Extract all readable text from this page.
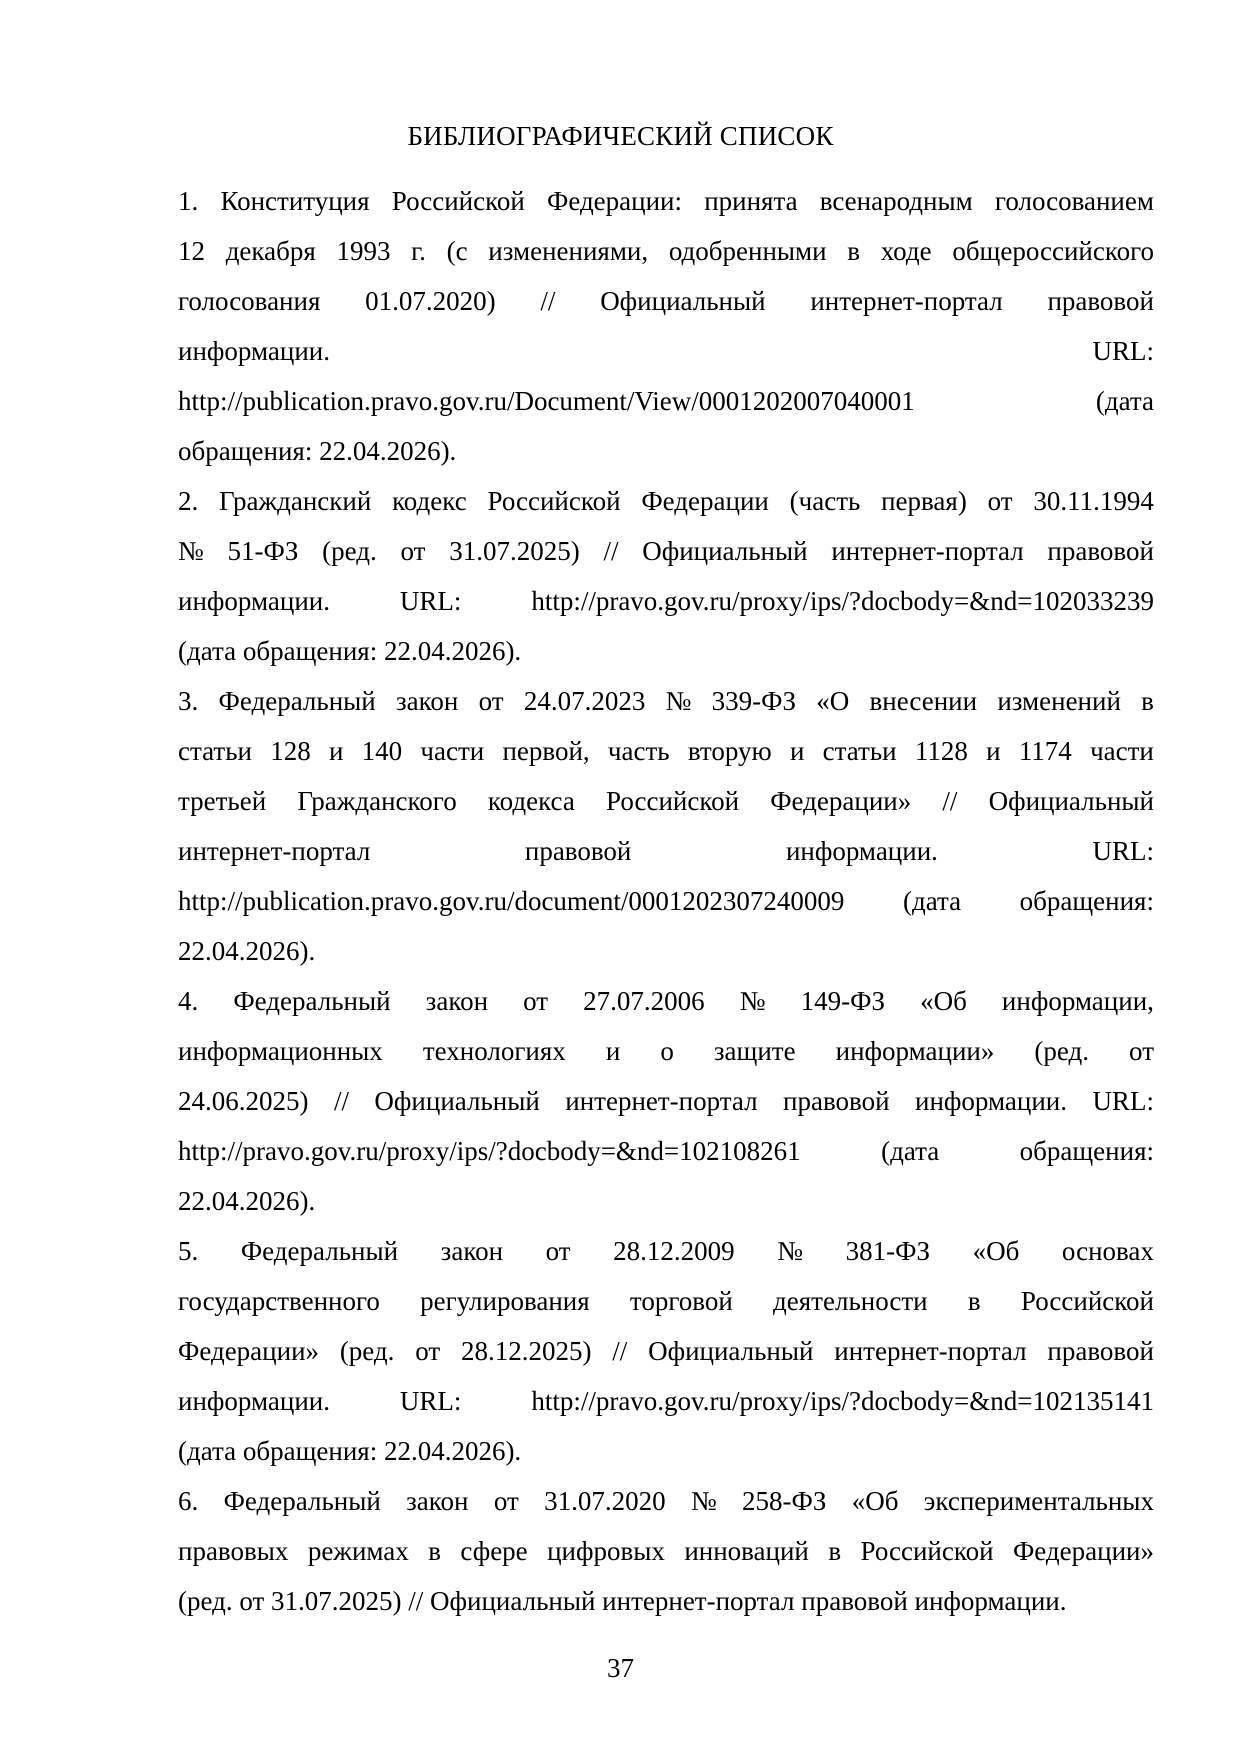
БИБЛИОГРАФИЧЕСКИЙ СПИСОК
1. Конституция Российской Федерации: принята всенародным голосованием
12 декабря 1993 г. (с изменениями, одобренными в ходе общероссийского
голосования 01.07.2020) // Официальный интернет-портал правовой
информации.	URL:
http://publication.pravo.gov.ru/Document/View/0001202007040001	(дата
обращения: 22.04.2026).
2. Гражданский кодекс Российской Федерации (часть первая) от 30.11.1994
№ 51-ФЗ (ред. от 31.07.2025) // Официальный интернет-портал правовой
информации.	URL:	http://pravo.gov.ru/proxy/ips/?docbody=&nd=102033239
(дата обращения: 22.04.2026).
3. Федеральный закон от 24.07.2023 № 339-ФЗ «О внесении изменений в
статьи 128 и 140 части первой, часть вторую и статьи 1128 и 1174 части
третьей Гражданского кодекса Российской Федерации» // Официальный
интернет-портал	правовой	информации.	URL:
http://publication.pravo.gov.ru/document/0001202307240009 (дата обращения:
22.04.2026).
4. Федеральный закон от 27.07.2006 № 149-ФЗ «Об информации,
информационных технологиях и о защите информации» (ред. от
24.06.2025) // Официальный интернет-портал правовой информации. URL:
http://pravo.gov.ru/proxy/ips/?docbody=&nd=102108261	(дата	обращения:
22.04.2026).
5. Федеральный закон от 28.12.2009 № 381-ФЗ «Об основах
государственного регулирования торговой деятельности в Российской
Федерации» (ред. от 28.12.2025) // Официальный интернет-портал правовой
информации.	URL:	http://pravo.gov.ru/proxy/ips/?docbody=&nd=102135141
(дата обращения: 22.04.2026).
6. Федеральный закон от 31.07.2020 № 258-ФЗ «Об экспериментальных
правовых режимах в сфере цифровых инноваций в Российской Федерации»
(ред. от 31.07.2025) // Официальный интернет-портал правовой информации.
37
